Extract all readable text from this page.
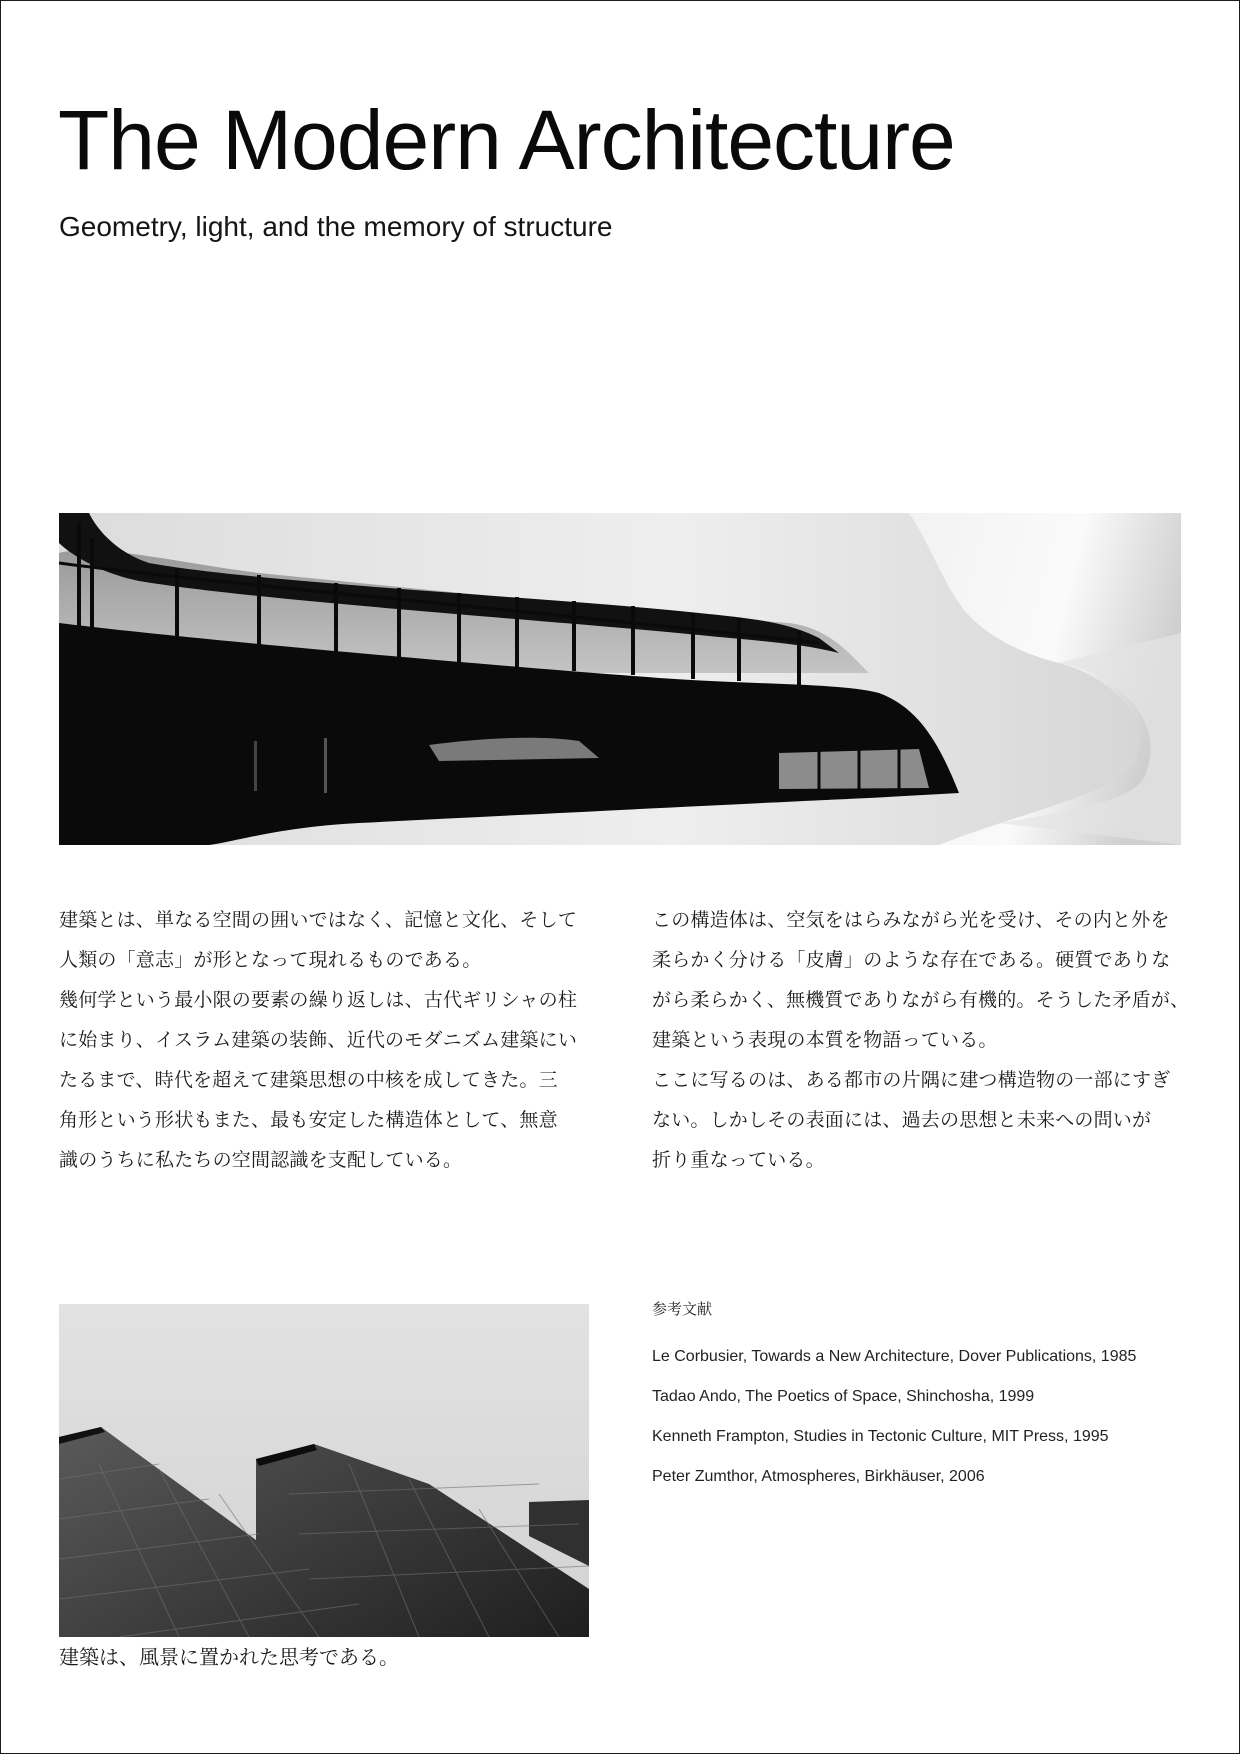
The Modern Architecture
Geometry, light, and the memory of structure

建築とは、単なる空間の囲いではなく、記憶と文化、そして

人類の「意志」が形となって現れるものである。

幾何学という最小限の要素の繰り返しは、古代ギリシャの柱

に始まり、イスラム建築の装飾、近代のモダニズム建築にい

たるまで、時代を超えて建築思想の中核を成してきた。三

角形という形状もまた、最も安定した構造体として、無意

識のうちに私たちの空間認識を支配している。

この構造体は、空気をはらみながら光を受け、その内と外を

柔らかく分ける「皮膚」のような存在である。硬質でありな

がら柔らかく、無機質でありながら有機的。そうした矛盾が、

建築という表現の本質を物語っている。

ここに写るのは、ある都市の片隅に建つ構造物の一部にすぎ

ない。しかしその表面には、過去の思想と未来への問いが

折り重なっている。

建築は、風景に置かれた思考である。

参考文献

Le Corbusier, Towards a New Architecture, Dover Publications, 1985
Tadao Ando, The Poetics of Space, Shinchosha, 1999
Kenneth Frampton, Studies in Tectonic Culture, MIT Press, 1995
Peter Zumthor, Atmospheres, Birkhäuser, 2006
